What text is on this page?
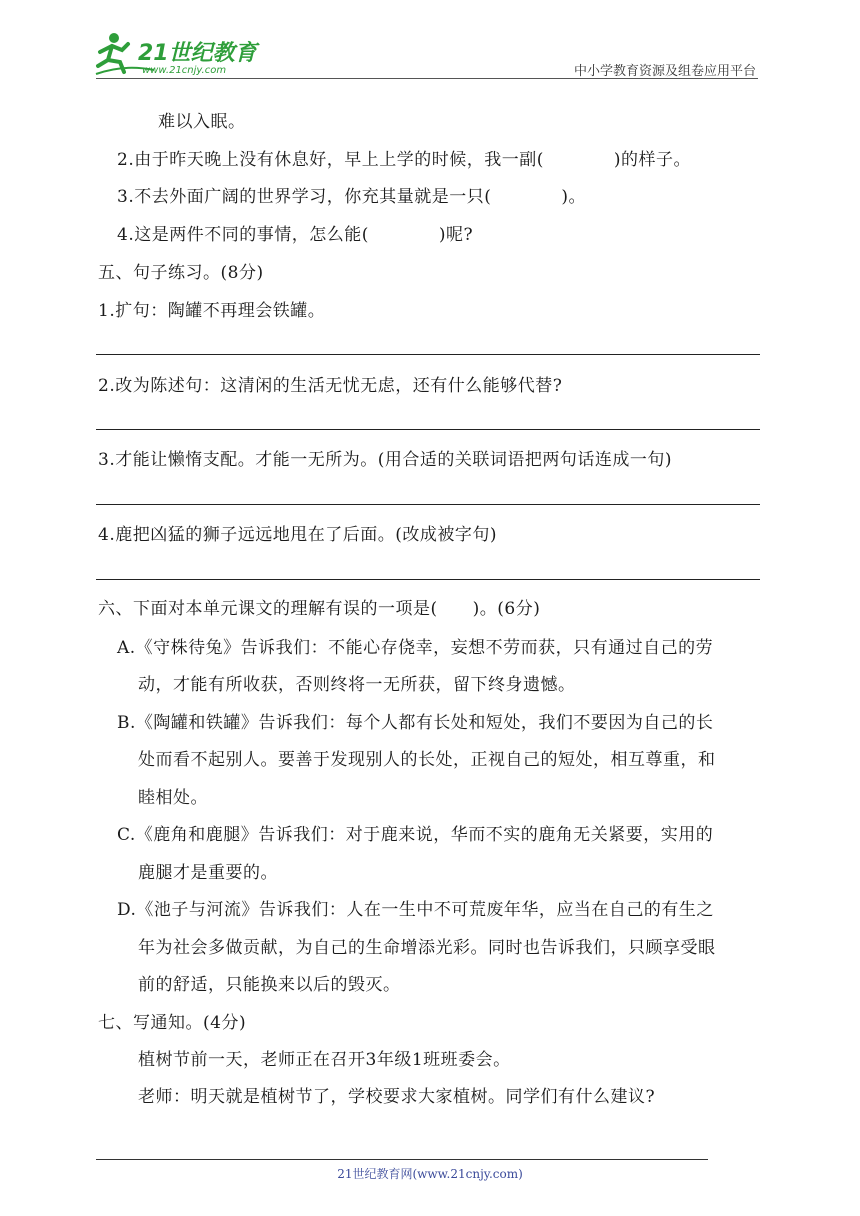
21世纪教育
www.21cnjy.com	中小学教育资源及组卷应用平台
难以入眠。
2.由于昨天晚上没有休息好，早上上学的时候，我一副(　　　　)的样子。
3.不去外面广阔的世界学习，你充其量就是一只(　　　　)。
4.这是两件不同的事情，怎么能(　　　　)呢?
五、句子练习。(8分)
1.扩句：陶罐不再理会铁罐。
2.改为陈述句：这清闲的生活无忧无虑，还有什么能够代替?
3.才能让懒惰支配。才能一无所为。(用合适的关联词语把两句话连成一句)
4.鹿把凶猛的狮子远远地甩在了后面。(改成被字句)
六、下面对本单元课文的理解有误的一项是(　　)。(6分)
A.《守株待兔》告诉我们：不能心存侥幸，妄想不劳而获，只有通过自己的劳
动，才能有所收获，否则终将一无所获，留下终身遗憾。
B.《陶罐和铁罐》告诉我们：每个人都有长处和短处，我们不要因为自己的长
处而看不起别人。要善于发现别人的长处，正视自己的短处，相互尊重，和
睦相处。
C.《鹿角和鹿腿》告诉我们：对于鹿来说，华而不实的鹿角无关紧要，实用的
鹿腿才是重要的。
D.《池子与河流》告诉我们：人在一生中不可荒废年华，应当在自己的有生之
年为社会多做贡献，为自己的生命增添光彩。同时也告诉我们，只顾享受眼
前的舒适，只能换来以后的毁灭。
七、写通知。(4分)
植树节前一天，老师正在召开3年级1班班委会。
老师：明天就是植树节了，学校要求大家植树。同学们有什么建议?
21世纪教育网(www.21cnjy.com)
